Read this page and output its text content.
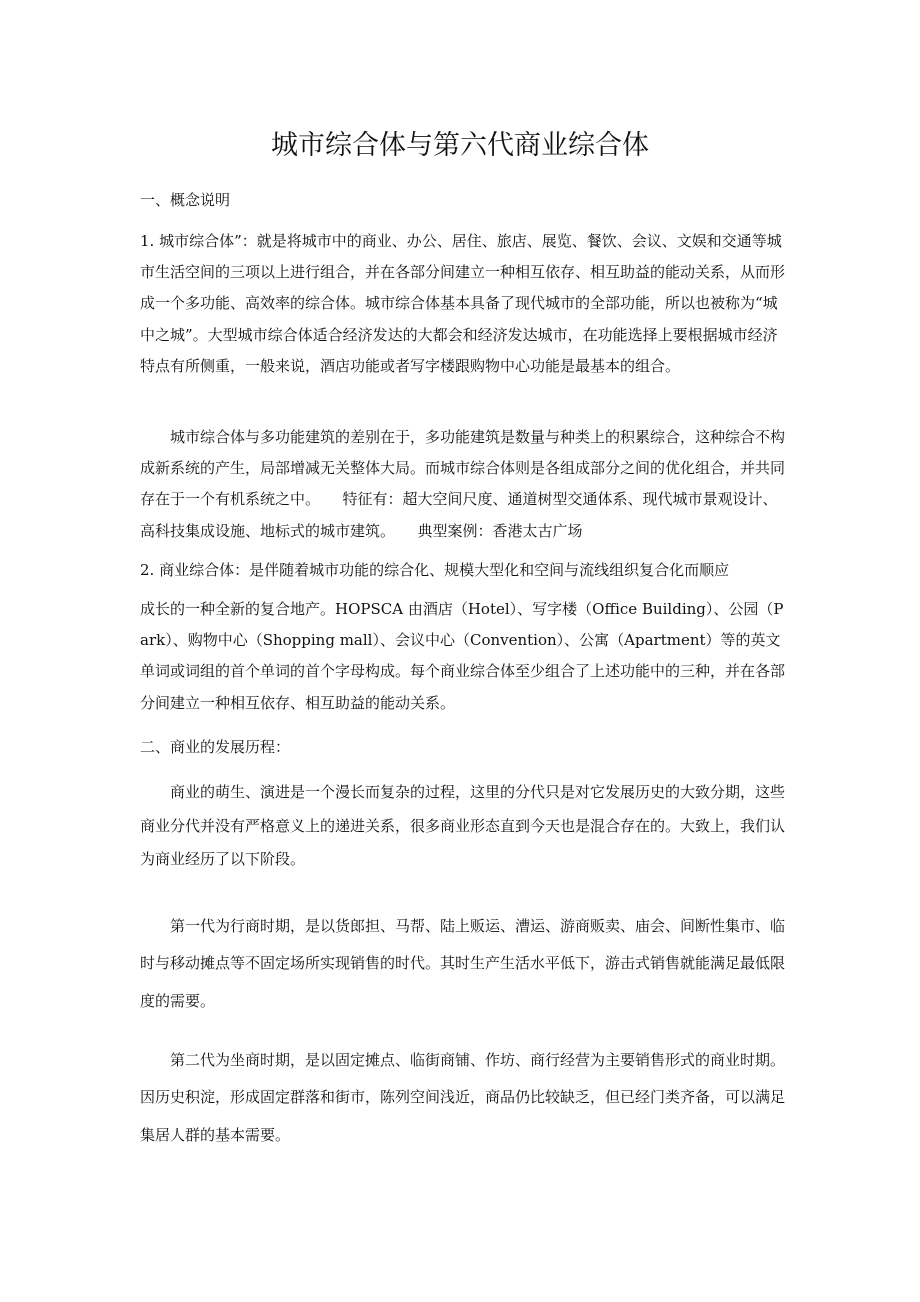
城市综合体与第六代商业综合体

一、概念说明

1. 城市综合体”：就是将城市中的商业、办公、居住、旅店、展览、餐饮、会议、文娱和交通等城市生活空间的三项以上进行组合，并在各部分间建立一种相互依存、相互助益的能动关系，从而形成一个多功能、高效率的综合体。城市综合体基本具备了现代城市的全部功能，所以也被称为“城中之城”。大型城市综合体适合经济发达的大都会和经济发达城市，在功能选择上要根据城市经济特点有所侧重，一般来说，酒店功能或者写字楼跟购物中心功能是最基本的组合。

城市综合体与多功能建筑的差别在于，多功能建筑是数量与种类上的积累综合，这种综合不构成新系统的产生，局部增减无关整体大局。而城市综合体则是各组成部分之间的优化组合，并共同存在于一个有机系统之中。　　特征有：超大空间尺度、通道树型交通体系、现代城市景观设计、高科技集成设施、地标式的城市建筑。　　典型案例：香港太古广场

2. 商业综合体：是伴随着城市功能的综合化、规模大型化和空间与流线组织复合化而顺应

成长的一种全新的复合地产。HOPSCA 由酒店（Hotel）、写字楼（Office Building）、公园（Park）、购物中心（Shopping mall）、会议中心（Convention）、公寓（Apartment）等的英文单词或词组的首个单词的首个字母构成。每个商业综合体至少组合了上述功能中的三种，并在各部分间建立一种相互依存、相互助益的能动关系。

二、商业的发展历程：

商业的萌生、演进是一个漫长而复杂的过程，这里的分代只是对它发展历史的大致分期，这些商业分代并没有严格意义上的递进关系，很多商业形态直到今天也是混合存在的。大致上，我们认为商业经历了以下阶段。

第一代为行商时期，是以货郎担、马帮、陆上贩运、漕运、游商贩卖、庙会、间断性集市、临时与移动摊点等不固定场所实现销售的时代。其时生产生活水平低下，游击式销售就能满足最低限度的需要。

第二代为坐商时期，是以固定摊点、临街商铺、作坊、商行经营为主要销售形式的商业时期。因历史积淀，形成固定群落和街市，陈列空间浅近，商品仍比较缺乏，但已经门类齐备，可以满足集居人群的基本需要。
